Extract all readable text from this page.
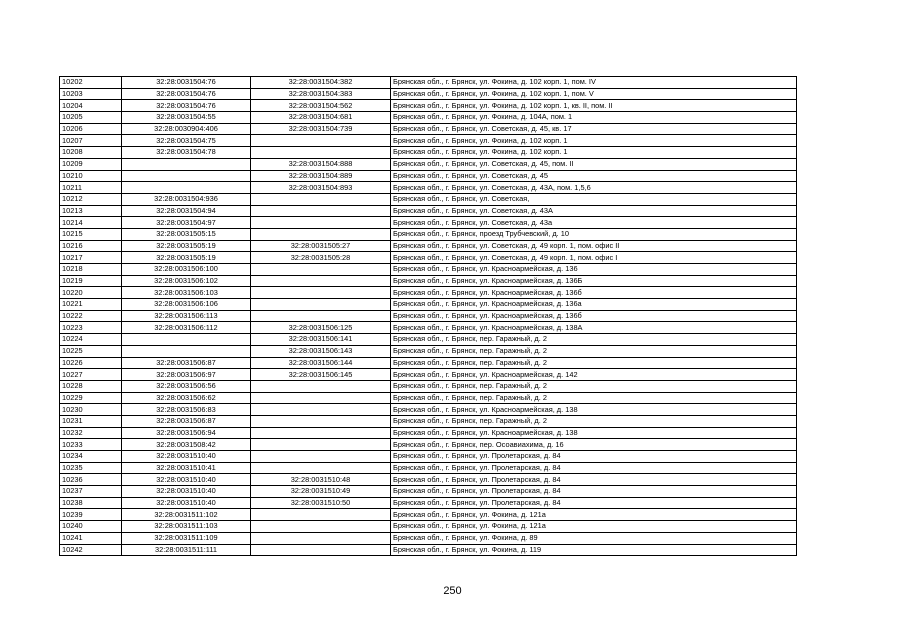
10202	32:28:0031504:76	32:28:0031504:382	Брянская обл., г. Брянск, ул. Фокина, д. 102 корп. 1, пом. IV
10203	32:28:0031504:76	32:28:0031504:383	Брянская обл., г. Брянск, ул. Фокина, д. 102 корп. 1, пом. V
10204	32:28:0031504:76	32:28:0031504:562	Брянская обл., г. Брянск, ул. Фокина, д. 102 корп. 1, кв. II, пом. II
10205	32:28:0031504:55	32:28:0031504:681	Брянская обл., г. Брянск, ул. Фокина, д. 104А, пом. 1
10206	32:28:0030904:406	32:28:0031504:739	Брянская обл., г. Брянск, ул. Советская, д. 45, кв. 17
10207	32:28:0031504:75		Брянская обл., г. Брянск, ул. Фокина, д. 102 корп. 1
10208	32:28:0031504:78		Брянская обл., г. Брянск, ул. Фокина, д. 102 корп. 1
10209		32:28:0031504:888	Брянская обл., г. Брянск, ул. Советская, д. 45, пом. II
10210		32:28:0031504:889	Брянская обл., г. Брянск, ул. Советская, д. 45
10211		32:28:0031504:893	Брянская обл., г. Брянск, ул. Советская, д. 43А, пом. 1,5,6
10212	32:28:0031504:936		Брянская обл., г. Брянск, ул. Советская,
10213	32:28:0031504:94		Брянская обл., г. Брянск, ул. Советская, д. 43А
10214	32:28:0031504:97		Брянская обл., г. Брянск, ул. Советская, д. 43а
10215	32:28:0031505:15		Брянская обл., г. Брянск, проезд Трубчевский, д. 10
10216	32:28:0031505:19	32:28:0031505:27	Брянская обл., г. Брянск, ул. Советская, д. 49 корп. 1, пом. офис II
10217	32:28:0031505:19	32:28:0031505:28	Брянская обл., г. Брянск, ул. Советская, д. 49 корп. 1, пом. офис I
10218	32:28:0031506:100		Брянская обл., г. Брянск, ул. Красноармейская, д. 136
10219	32:28:0031506:102		Брянская обл., г. Брянск, ул. Красноармейская, д. 136Б
10220	32:28:0031506:103		Брянская обл., г. Брянск, ул. Красноармейская, д. 136б
10221	32:28:0031506:106		Брянская обл., г. Брянск, ул. Красноармейская, д. 136а
10222	32:28:0031506:113		Брянская обл., г. Брянск, ул. Красноармейская, д. 136б
10223	32:28:0031506:112	32:28:0031506:125	Брянская обл., г. Брянск, ул. Красноармейская, д. 138А
10224		32:28:0031506:141	Брянская обл., г. Брянск, пер. Гаражный, д. 2
10225		32:28:0031506:143	Брянская обл., г. Брянск, пер. Гаражный, д. 2
10226	32:28:0031506:87	32:28:0031506:144	Брянская обл., г. Брянск, пер. Гаражный, д. 2
10227	32:28:0031506:97	32:28:0031506:145	Брянская обл., г. Брянск, ул. Красноармейская, д. 142
10228	32:28:0031506:56		Брянская обл., г. Брянск, пер. Гаражный, д. 2
10229	32:28:0031506:62		Брянская обл., г. Брянск, пер. Гаражный, д. 2
10230	32:28:0031506:83		Брянская обл., г. Брянск, ул. Красноармейская, д. 138
10231	32:28:0031506:87		Брянская обл., г. Брянск, пер. Гаражный, д. 2
10232	32:28:0031506:94		Брянская обл., г. Брянск, ул. Красноармейская, д. 138
10233	32:28:0031508:42		Брянская обл., г. Брянск, пер. Осоавиахима, д. 16
10234	32:28:0031510:40		Брянская обл., г. Брянск, ул. Пролетарская, д. 84
10235	32:28:0031510:41		Брянская обл., г. Брянск, ул. Пролетарская, д. 84
10236	32:28:0031510:40	32:28:0031510:48	Брянская обл., г. Брянск, ул. Пролетарская, д. 84
10237	32:28:0031510:40	32:28:0031510:49	Брянская обл., г. Брянск, ул. Пролетарская, д. 84
10238	32:28:0031510:40	32:28:0031510:50	Брянская обл., г. Брянск, ул. Пролетарская, д. 84
10239	32:28:0031511:102		Брянская обл., г. Брянск, ул. Фокина, д. 121а
10240	32:28:0031511:103		Брянская обл., г. Брянск, ул. Фокина, д. 121а
10241	32:28:0031511:109		Брянская обл., г. Брянск, ул. Фокина, д. 89
10242	32:28:0031511:111		Брянская обл., г. Брянск, ул. Фокина, д. 119
250
